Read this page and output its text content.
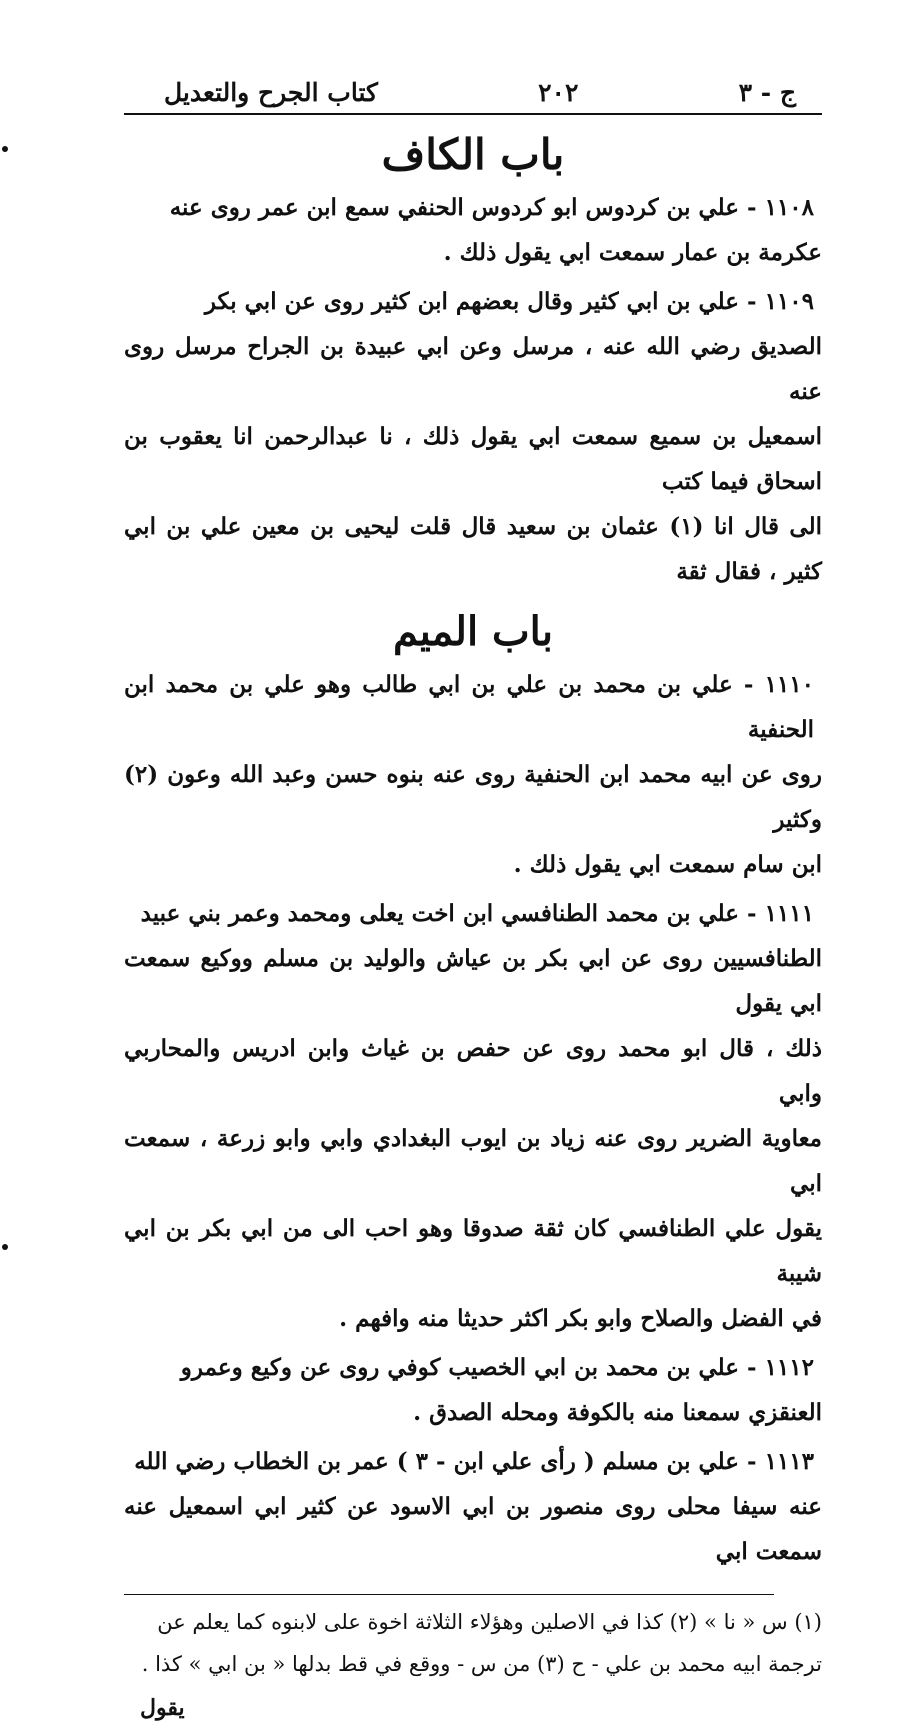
كتاب الجرح والتعديل	٢٠٢	ج - ٣
باب الكاف

١١٠٨ - علي بن كردوس ابو كردوس الحنفي سمع ابن عمر روى عنه

عكرمة بن عمار سمعت ابي يقول ذلك .

١١٠٩ - علي بن ابي كثير وقال بعضهم ابن كثير روى عن ابي بكر

الصديق رضي الله عنه ، مرسل وعن ابي عبيدة بن الجراح مرسل روى عنه

اسمعيل بن سميع سمعت ابي يقول ذلك ، نا عبدالرحمن انا يعقوب بن اسحاق فيما كتب

الى قال انا (١) عثمان بن سعيد قال قلت ليحيى بن معين علي بن ابي كثير ، فقال ثقة

باب الميم

١١١٠ - علي بن محمد بن علي بن ابي طالب وهو علي بن محمد ابن الحنفية

روى عن ابيه محمد ابن الحنفية روى عنه بنوه حسن وعبد الله وعون (٢) وكثير

ابن سام سمعت ابي يقول ذلك .

١١١١ - علي بن محمد الطنافسي ابن اخت يعلى ومحمد وعمر بني عبيد

الطنافسيين روى عن ابي بكر بن عياش والوليد بن مسلم ووكيع سمعت ابي يقول

ذلك ، قال ابو محمد روى عن حفص بن غياث وابن ادريس والمحاربي وابي

معاوية الضرير روى عنه زياد بن ايوب البغدادي وابي وابو زرعة ، سمعت ابي

يقول علي الطنافسي كان ثقة صدوقا وهو احب الى من ابي بكر بن ابي شيبة

في الفضل والصلاح وابو بكر اكثر حديثا منه وافهم .

١١١٢ - علي بن محمد بن ابي الخصيب كوفي روى عن وكيع وعمرو

العنقزي سمعنا منه بالكوفة ومحله الصدق .

١١١٣ - علي بن مسلم ( رأى علي ابن - ٣ ) عمر بن الخطاب رضي الله

عنه سيفا محلى روى منصور بن ابي الاسود عن كثير ابي اسمعيل عنه سمعت ابي

(١) س « نا » (٢) كذا في الاصلين وهؤلاء الثلاثة اخوة على لابنوه كما يعلم عن
ترجمة ابيه محمد بن علي - ح (٣) من س - ووقع في قط بدلها « بن ابي » كذا .
يقول
